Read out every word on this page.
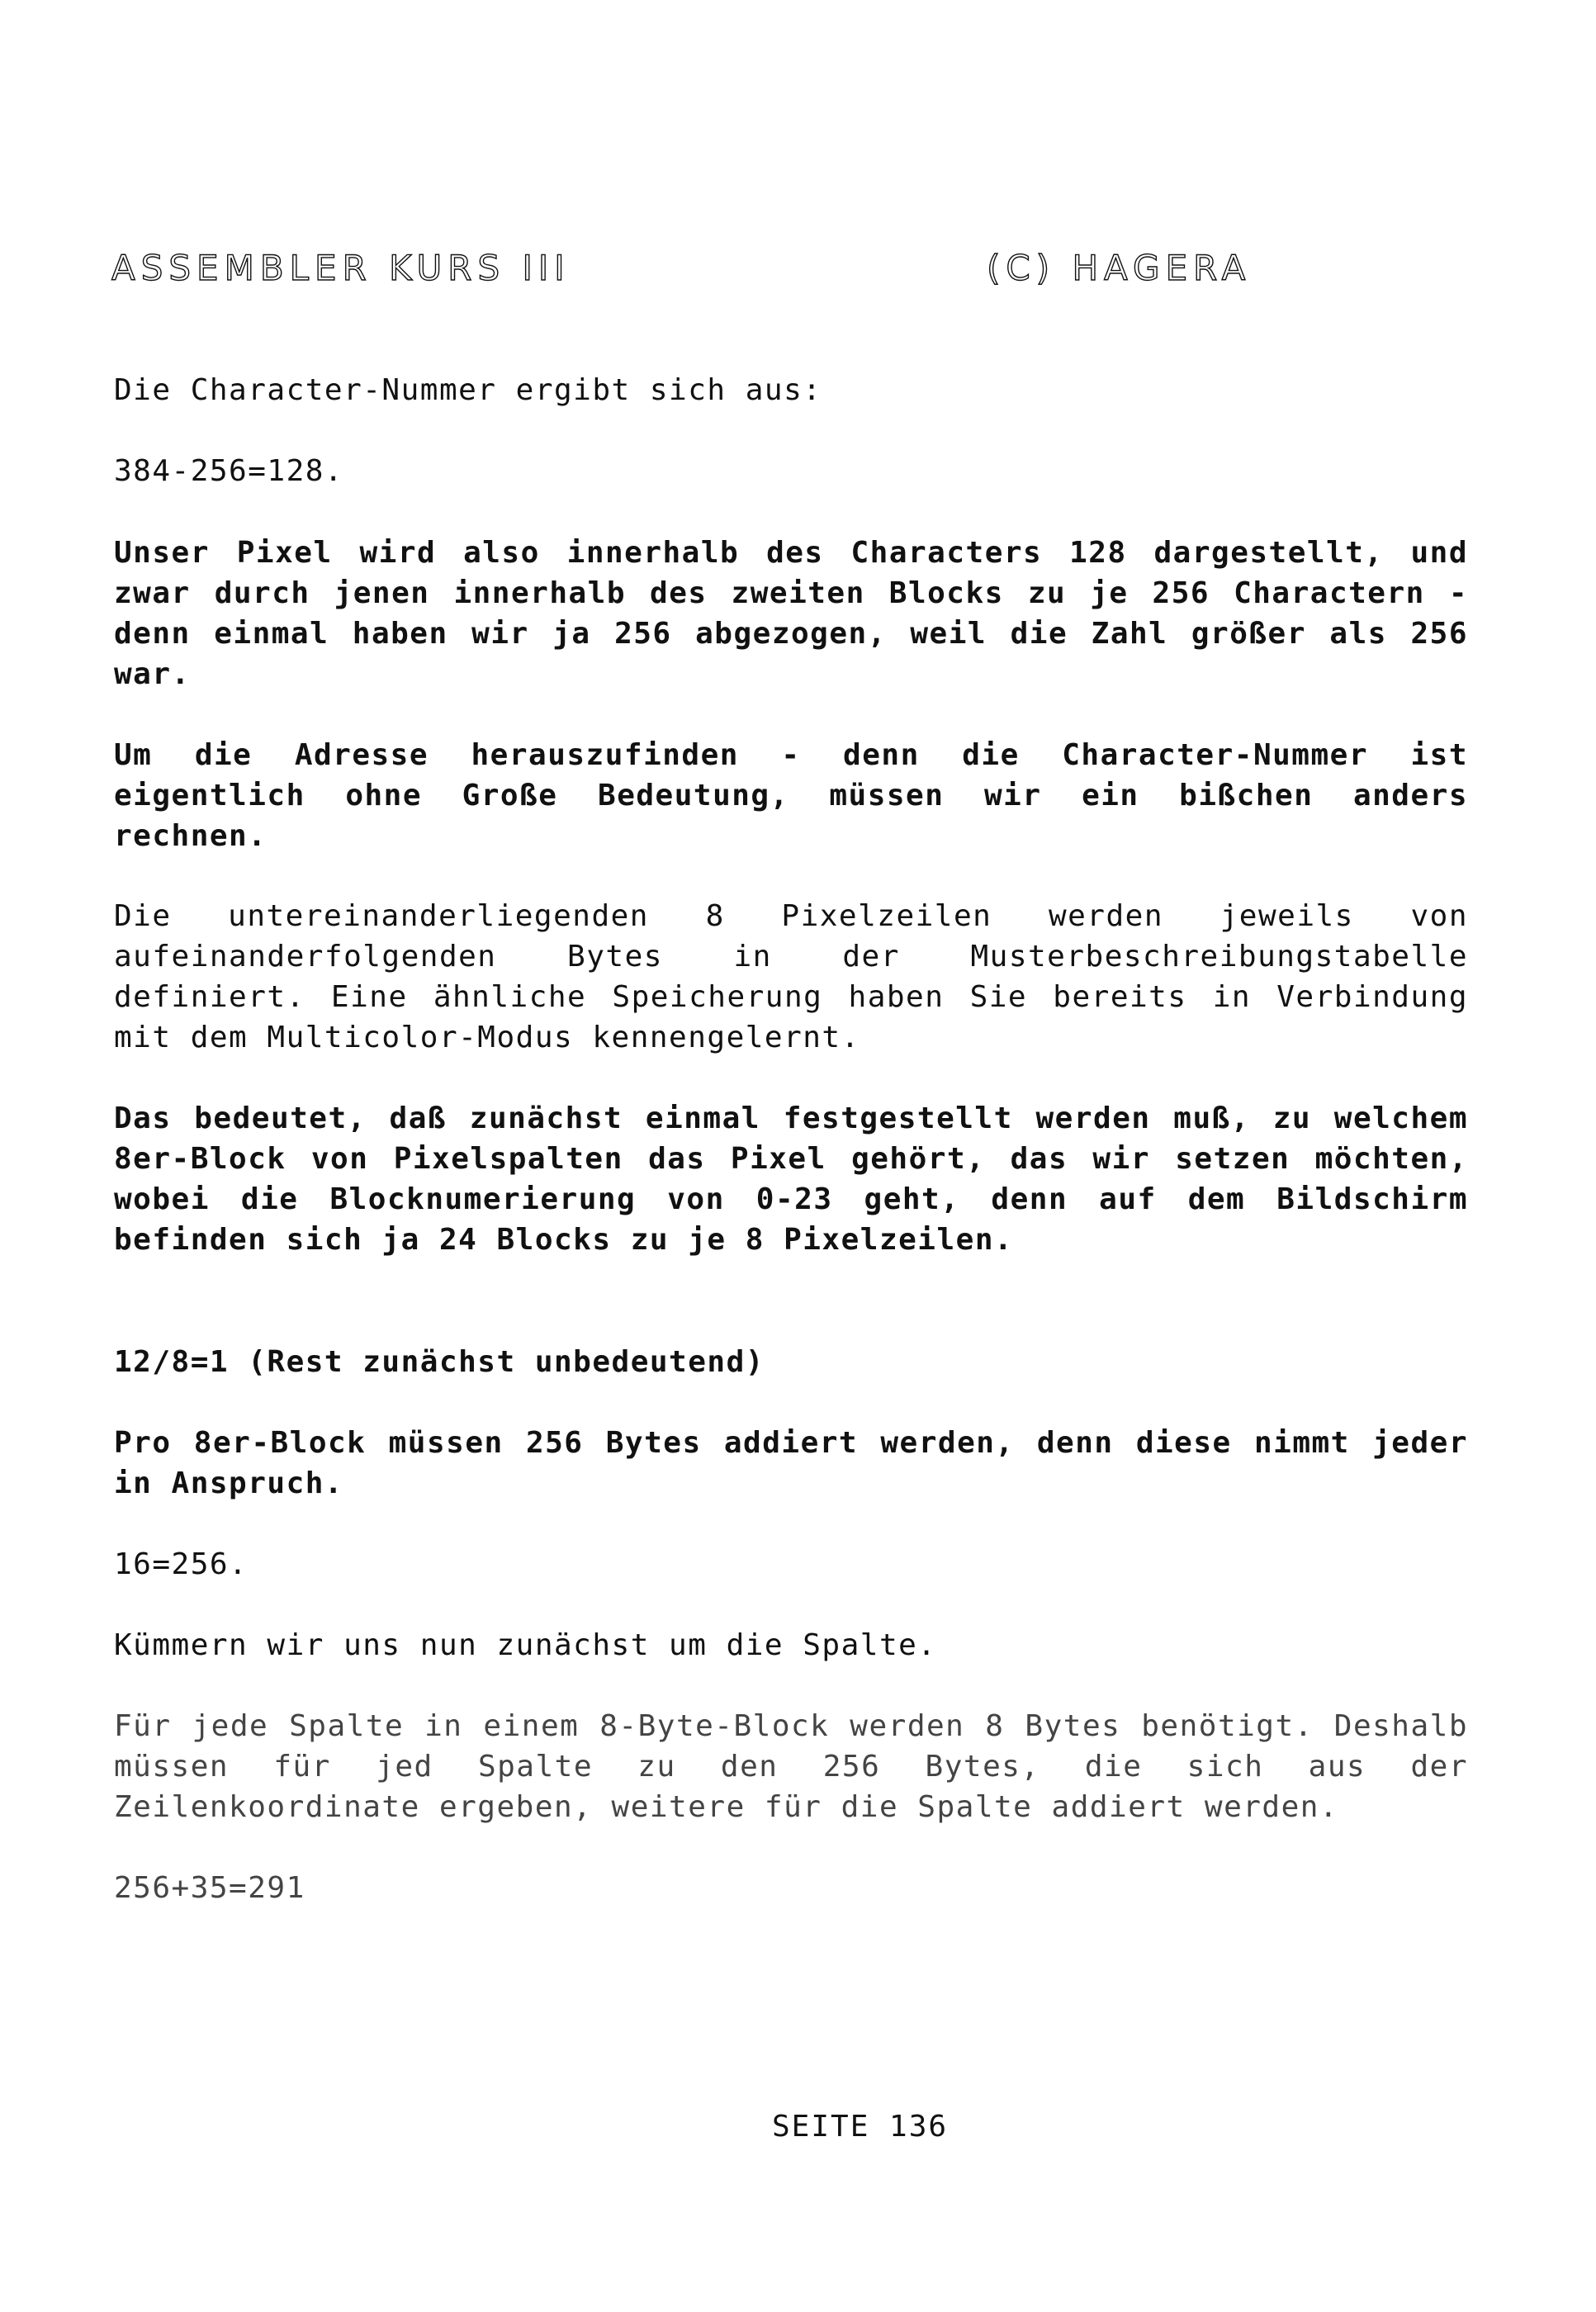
ASSEMBLER KURS III	(C) HAGERA
Die Character-Nummer ergibt sich aus:
384-256=128.
Unser Pixel wird also innerhalb des Characters 128 dargestellt, und zwar durch jenen innerhalb des zweiten Blocks zu je 256 Charactern - denn einmal haben wir ja 256 abgezogen, weil die Zahl größer als 256 war.
Um die Adresse herauszufinden - denn die Character-Nummer ist eigentlich ohne Große Bedeutung, müssen wir ein bißchen anders rechnen.
Die untereinanderliegenden 8 Pixelzeilen werden jeweils von aufeinanderfolgenden Bytes in der Musterbeschreibungstabelle definiert. Eine ähnliche Speicherung haben Sie bereits in Verbindung mit dem Multicolor-Modus kennengelernt.
Das bedeutet, daß zunächst einmal festgestellt werden muß, zu welchem 8er-Block von Pixelspalten das Pixel gehört, das wir setzen möchten, wobei die Blocknumerierung von 0-23 geht, denn auf dem Bildschirm befinden sich ja 24 Blocks zu je 8 Pixelzeilen.
12/8=1 (Rest zunächst unbedeutend)
Pro 8er-Block müssen 256 Bytes addiert werden, denn diese nimmt jeder in Anspruch.
16=256.
Kümmern wir uns nun zunächst um die Spalte.
Für jede Spalte in einem 8-Byte-Block werden 8 Bytes benötigt. Deshalb müssen für jed Spalte zu den 256 Bytes, die sich aus der Zeilenkoordinate ergeben, weitere für die Spalte addiert werden.
256+35=291
SEITE 136
